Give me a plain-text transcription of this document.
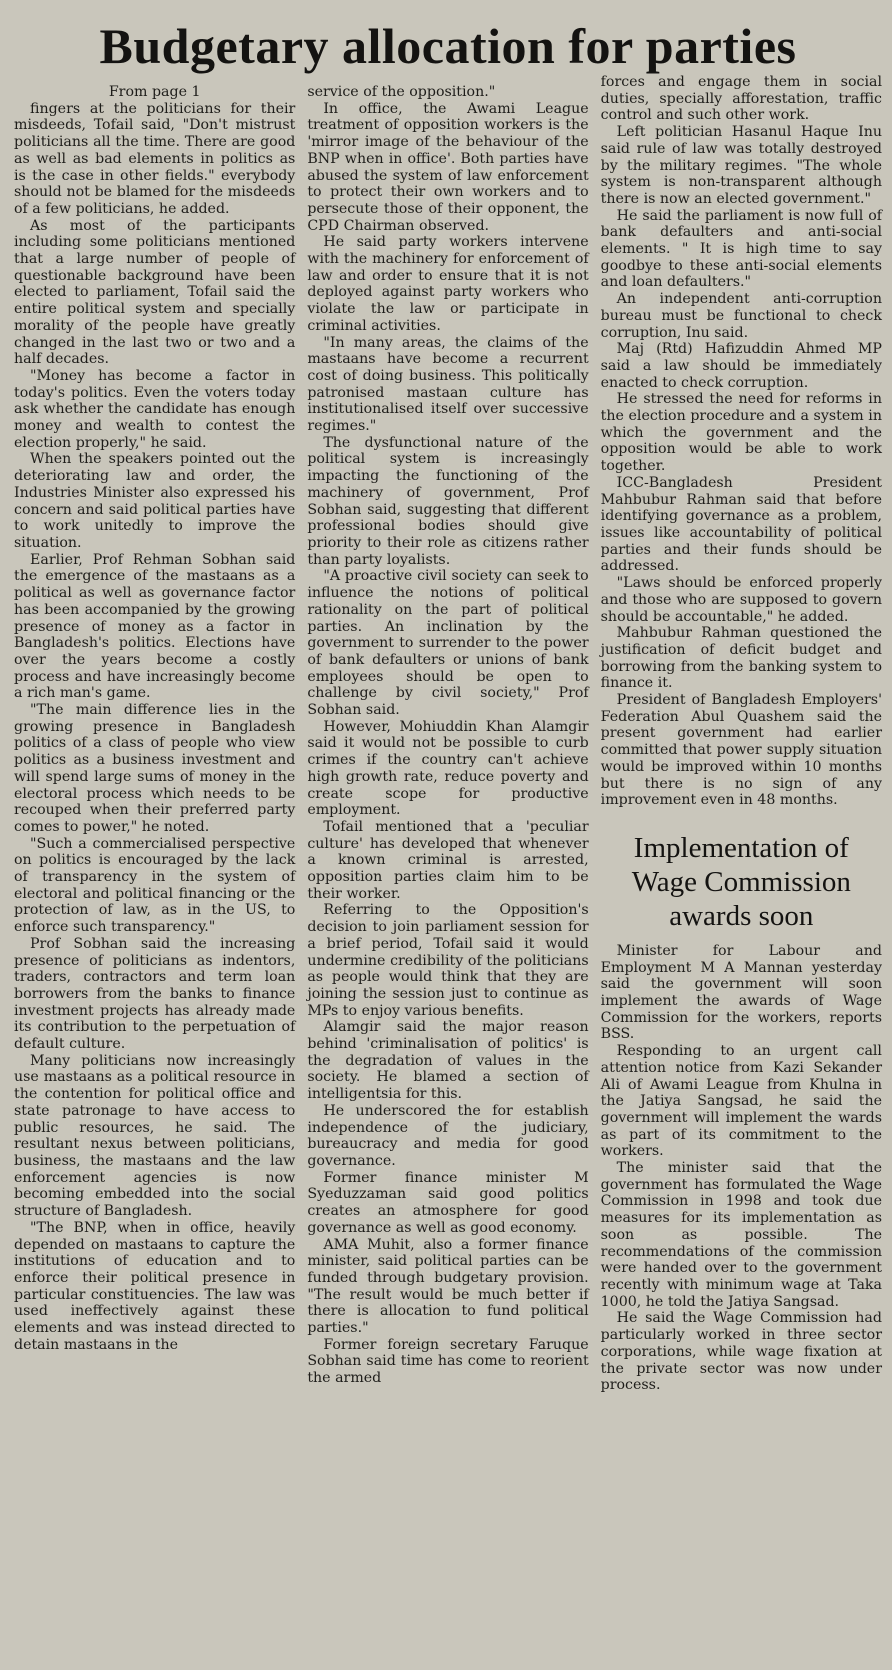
Budgetary allocation for parties

From page 1

fingers at the politicians for their misdeeds, Tofail said, "Don't mistrust politicians all the time. There are good as well as bad elements in politics as is the case in other fields." everybody should not be blamed for the misdeeds of a few politicians, he added.

As most of the participants including some politicians mentioned that a large number of people of questionable background have been elected to parliament, Tofail said the entire political system and specially morality of the people have greatly changed in the last two or two and a half decades.

"Money has become a factor in today's politics. Even the voters today ask whether the candidate has enough money and wealth to contest the election properly," he said.

When the speakers pointed out the deteriorating law and order, the Industries Minister also expressed his concern and said political parties have to work unitedly to improve the situation.

Earlier, Prof Rehman Sobhan said the emergence of the mastaans as a political as well as governance factor has been accompanied by the growing presence of money as a factor in Bangladesh's politics. Elections have over the years become a costly process and have increasingly become a rich man's game.

"The main difference lies in the growing presence in Bangladesh politics of a class of people who view politics as a business investment and will spend large sums of money in the electoral process which needs to be recouped when their preferred party comes to power," he noted.

"Such a commercialised perspective on politics is encouraged by the lack of transparency in the system of electoral and political financing or the protection of law, as in the US, to enforce such transparency."

Prof Sobhan said the increasing presence of politicians as indentors, traders, contractors and term loan borrowers from the banks to finance investment projects has already made its contribution to the perpetuation of default culture.

Many politicians now increasingly use mastaans as a political resource in the contention for political office and state patronage to have access to public resources, he said. The resultant nexus between politicians, business, the mastaans and the law enforcement agencies is now becoming embedded into the social structure of Bangladesh.

"The BNP, when in office, heavily depended on mastaans to capture the institutions of education and to enforce their political presence in particular constituencies. The law was used ineffectively against these elements and was instead directed to detain mastaans in the

service of the opposition."

In office, the Awami League treatment of opposition workers is the 'mirror image of the behaviour of the BNP when in office'. Both parties have abused the system of law enforcement to protect their own workers and to persecute those of their opponent, the CPD Chairman observed.

He said party workers intervene with the machinery for enforcement of law and order to ensure that it is not deployed against party workers who violate the law or participate in criminal activities.

"In many areas, the claims of the mastaans have become a recurrent cost of doing business. This politically patronised mastaan culture has institutionalised itself over successive regimes."

The dysfunctional nature of the political system is increasingly impacting the functioning of the machinery of government, Prof Sobhan said, suggesting that different professional bodies should give priority to their role as citizens rather than party loyalists.

"A proactive civil society can seek to influence the notions of political rationality on the part of political parties. An inclination by the government to surrender to the power of bank defaulters or unions of bank employees should be open to challenge by civil society," Prof Sobhan said.

However, Mohiuddin Khan Alamgir said it would not be possible to curb crimes if the country can't achieve high growth rate, reduce poverty and create scope for productive employment.

Tofail mentioned that a 'peculiar culture' has developed that whenever a known criminal is arrested, opposition parties claim him to be their worker.

Referring to the Opposition's decision to join parliament session for a brief period, Tofail said it would undermine credibility of the politicians as people would think that they are joining the session just to continue as MPs to enjoy various benefits.

Alamgir said the major reason behind 'criminalisation of politics' is the degradation of values in the society. He blamed a section of intelligentsia for this.

He underscored the for establish independence of the judiciary, bureaucracy and media for good governance.

Former finance minister M Syeduzzaman said good politics creates an atmosphere for good governance as well as good economy.

AMA Muhit, also a former finance minister, said political parties can be funded through budgetary provision. "The result would be much better if there is allocation to fund political parties."

Former foreign secretary Faruque Sobhan said time has come to reorient the armed

forces and engage them in social duties, specially afforestation, traffic control and such other work.

Left politician Hasanul Haque Inu said rule of law was totally destroyed by the military regimes. "The whole system is non-transparent although there is now an elected government."

He said the parliament is now full of bank defaulters and anti-social elements. " It is high time to say goodbye to these anti-social elements and loan defaulters."

An independent anti-corruption bureau must be functional to check corruption, Inu said.

Maj (Rtd) Hafizuddin Ahmed MP said a law should be immediately enacted to check corruption.

He stressed the need for reforms in the election procedure and a system in which the government and the opposition would be able to work together.

ICC-Bangladesh President Mahbubur Rahman said that before identifying governance as a problem, issues like accountability of political parties and their funds should be addressed.

"Laws should be enforced properly and those who are supposed to govern should be accountable," he added.

Mahbubur Rahman questioned the justification of deficit budget and borrowing from the banking system to finance it.

President of Bangladesh Employers' Federation Abul Quashem said the present government had earlier committed that power supply situation would be improved within 10 months but there is no sign of any improvement even in 48 months.

Implementation of Wage Commission awards soon

Minister for Labour and Employment M A Mannan yesterday said the government will soon implement the awards of Wage Commission for the workers, reports BSS.

Responding to an urgent call attention notice from Kazi Sekander Ali of Awami League from Khulna in the Jatiya Sangsad, he said the government will implement the wards as part of its commitment to the workers.

The minister said that the government has formulated the Wage Commission in 1998 and took due measures for its implementation as soon as possible. The recommendations of the commission were handed over to the government recently with minimum wage at Taka 1000, he told the Jatiya Sangsad.

He said the Wage Commission had particularly worked in three sector corporations, while wage fixation at the private sector was now under process.
